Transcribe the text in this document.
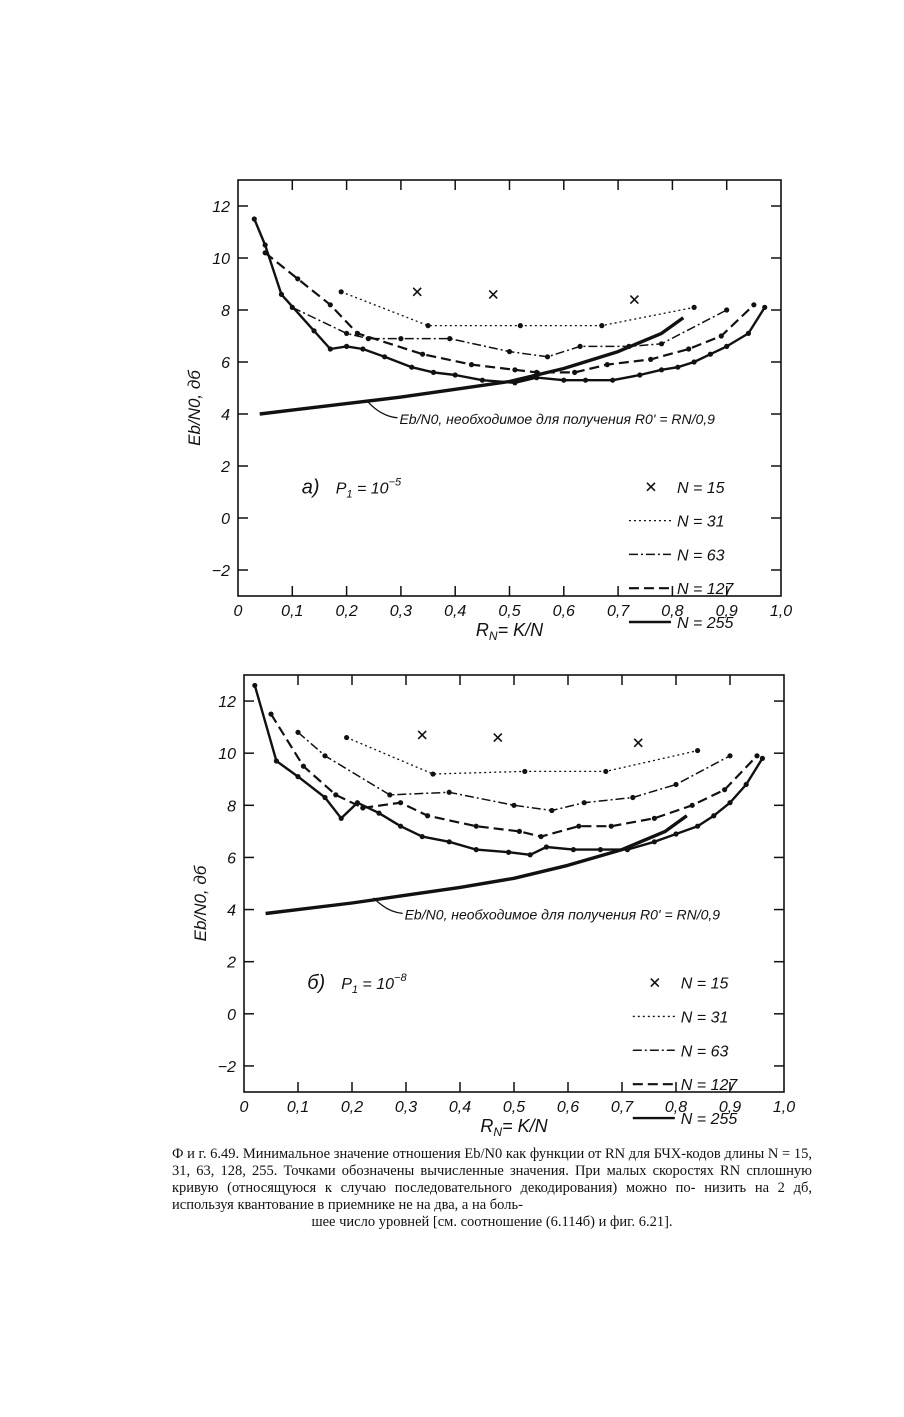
0 0,1 0,2 0,3 0,4 0,5 0,6 0,7 0,8 0,9 1,0
−2
0
2
4
6
8
10
12
$R_N= K/N$
Eb/N0, дб	Eb/N0, необходимое для получения R0' = RN/0,9
а) $P_1 = 10^{-5}$	N = 15
N = 31
N = 63
N = 127
N = 255
0 0,1 0,2 0,3 0,4 0,5 0,6 0,7 0,8 0,9 1,0
−2
0
2
4
6
8
10
12
$R_N= K/N$
Eb/N0, дб	Eb/N0, необходимое для получения R0' = RN/0,9
б) $P_1 = 10^{-8}$	N = 15
N = 31
N = 63
N = 127
N = 255
Ф и г. 6.49. Минимальное значение отношения Eb/N0 как функции от RN для БЧХ-кодов длины N = 15, 31, 63, 128, 255. Точками обозначены вычисленные значения. При малых скоростях RN сплошную кривую (относящуюся к случаю последовательного декодирования) можно по- низить на 2 дб, используя квантование в приемнике не на два, а на боль-
шее число уровней [см. соотношение (6.114б) и фиг. 6.21].
